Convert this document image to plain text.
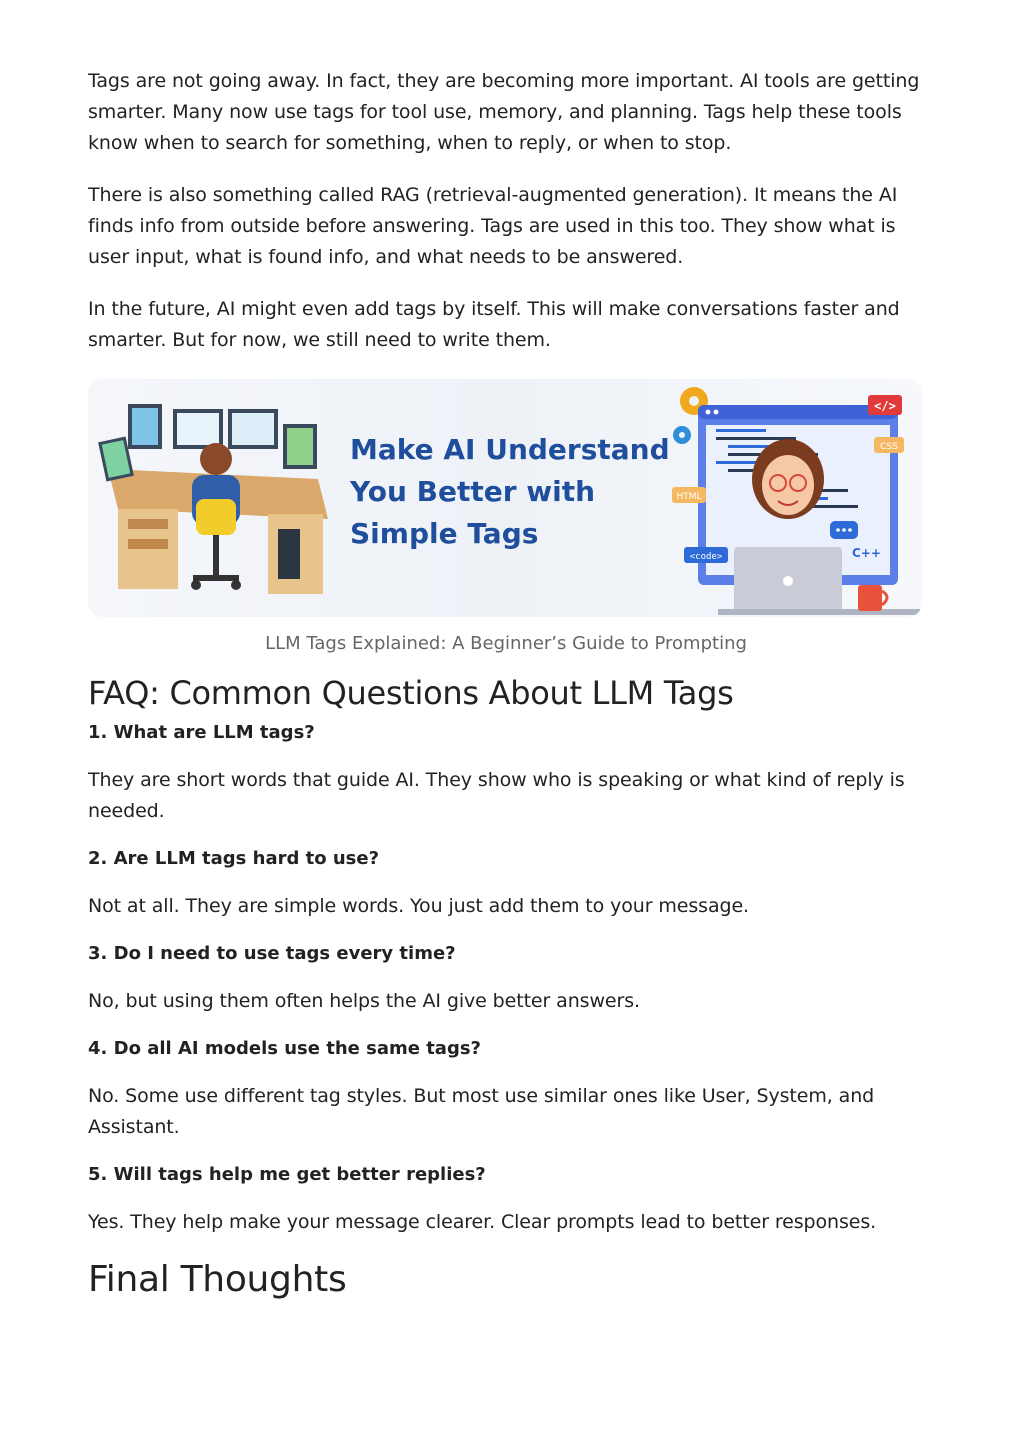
Tags are not going away. In fact, they are becoming more important. AI tools are getting smarter. Many now use tags for tool use, memory, and planning. Tags help these tools know when to search for something, when to reply, or when to stop.

There is also something called RAG (retrieval-augmented generation). It means the AI finds info from outside before answering. Tags are used in this too. They show what is user input, what is found info, and what needs to be answered.

In the future, AI might even add tags by itself. This will make conversations faster and smarter. But for now, we still need to write them.

Make AI Understand
You Better with
Simple Tags
</>
CSS
HTML
<code>	C++

LLM Tags Explained: A Beginner’s Guide to Prompting

FAQ: Common Questions About LLM Tags
1. What are LLM tags?

They are short words that guide AI. They show who is speaking or what kind of reply is needed.

2. Are LLM tags hard to use?

Not at all. They are simple words. You just add them to your message.

3. Do I need to use tags every time?

No, but using them often helps the AI give better answers.

4. Do all AI models use the same tags?

No. Some use different tag styles. But most use similar ones like User, System, and Assistant.

5. Will tags help me get better replies?

Yes. They help make your message clearer. Clear prompts lead to better responses.

Final Thoughts
